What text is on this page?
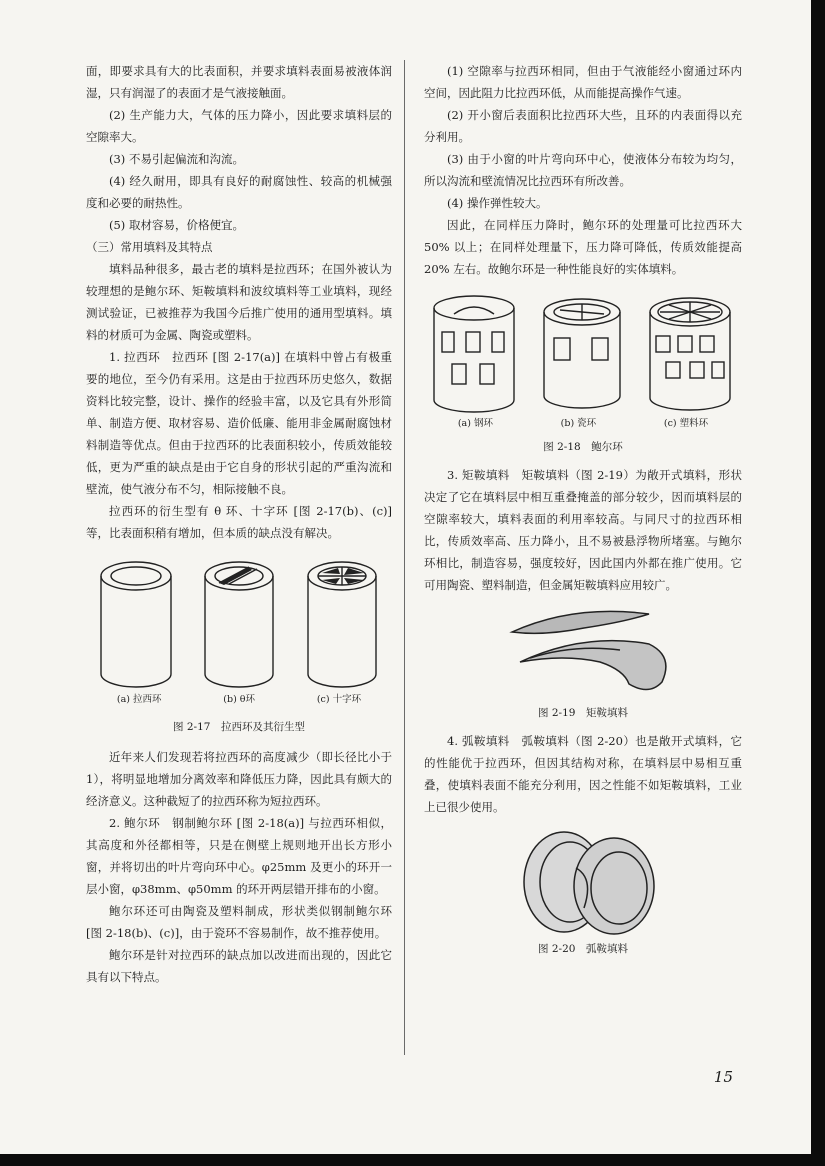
面，即要求具有大的比表面积，并要求填料表面易被液体润湿，只有润湿了的表面才是气液接触面。

(2) 生产能力大，气体的压力降小，因此要求填料层的空隙率大。

(3) 不易引起偏流和沟流。

(4) 经久耐用，即具有良好的耐腐蚀性、较高的机械强度和必要的耐热性。

(5) 取材容易，价格便宜。

（三）常用填料及其特点

填料品种很多，最古老的填料是拉西环；在国外被认为较理想的是鲍尔环、矩鞍填料和波纹填料等工业填料，现经测试验证，已被推荐为我国今后推广使用的通用型填料。填料的材质可为金属、陶瓷或塑料。

1. 拉西环　拉西环 [图 2-17(a)] 在填料中曾占有极重要的地位，至今仍有采用。这是由于拉西环历史悠久，数据资料比较完整，设计、操作的经验丰富，以及它具有外形简单、制造方便、取材容易、造价低廉、能用非金属耐腐蚀材料制造等优点。但由于拉西环的比表面积较小，传质效能较低，更为严重的缺点是由于它自身的形状引起的严重沟流和壁流，使气液分布不匀，相际接触不良。

拉西环的衍生型有 θ 环、十字环 [图 2-17(b)、(c)] 等，比表面积稍有增加，但本质的缺点没有解决。

(a) 拉西环	(b) θ环	(c) 十字环
图 2-17　拉西环及其衍生型

近年来人们发现若将拉西环的高度减少（即长径比小于 1），将明显地增加分离效率和降低压力降，因此具有颇大的经济意义。这种截短了的拉西环称为短拉西环。

2. 鲍尔环　钢制鲍尔环 [图 2-18(a)] 与拉西环相似，其高度和外径都相等，只是在侧壁上规则地开出长方形小窗，并将切出的叶片弯向环中心。φ25mm 及更小的环开一层小窗，φ38mm、φ50mm 的环开两层错开排布的小窗。

鲍尔环还可由陶瓷及塑料制成，形状类似钢制鲍尔环 [图 2-18(b)、(c)]，由于瓷环不容易制作，故不推荐使用。

鲍尔环是针对拉西环的缺点加以改进而出现的，因此它具有以下特点。

(1) 空隙率与拉西环相同，但由于气液能经小窗通过环内空间，因此阻力比拉西环低，从而能提高操作气速。

(2) 开小窗后表面积比拉西环大些，且环的内表面得以充分利用。

(3) 由于小窗的叶片弯向环中心，使液体分布较为均匀，所以沟流和壁流情况比拉西环有所改善。

(4) 操作弹性较大。

因此，在同样压力降时，鲍尔环的处理量可比拉西环大 50% 以上；在同样处理量下，压力降可降低，传质效能提高 20% 左右。故鲍尔环是一种性能良好的实体填料。

(a) 钢环	(b) 瓷环	(c) 塑料环
图 2-18　鲍尔环

3. 矩鞍填料　矩鞍填料（图 2-19）为敞开式填料，形状决定了它在填料层中相互重叠掩盖的部分较少，因而填料层的空隙率较大，填料表面的利用率较高。与同尺寸的拉西环相比，传质效率高、压力降小，且不易被悬浮物所堵塞。与鲍尔环相比，制造容易，强度较好，因此国内外都在推广使用。它可用陶瓷、塑料制造，但金属矩鞍填料应用较广。

图 2-19　矩鞍填料

4. 弧鞍填料　弧鞍填料（图 2-20）也是敞开式填料，它的性能优于拉西环，但因其结构对称，在填料层中易相互重叠，使填料表面不能充分利用，因之性能不如矩鞍填料，工业上已很少使用。

图 2-20　弧鞍填料
15
